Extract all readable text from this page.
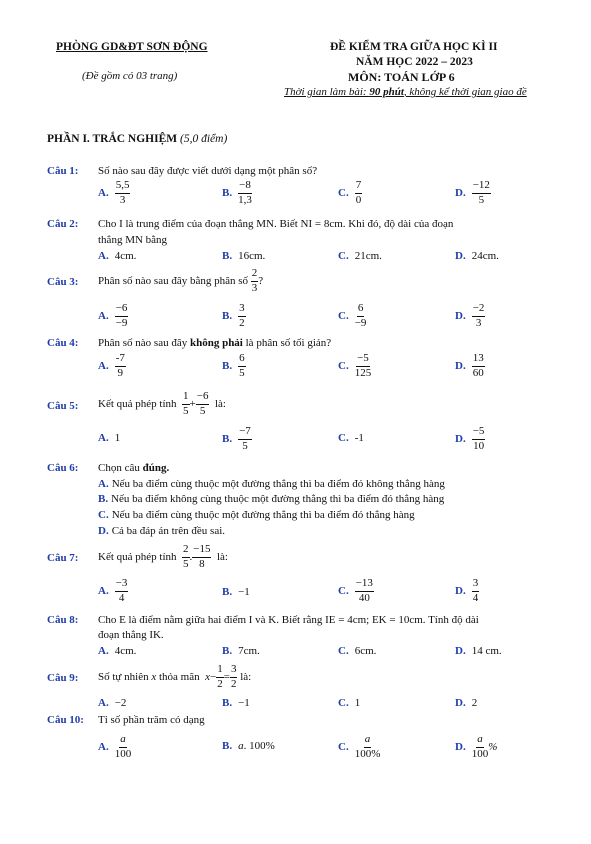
PHÒNG GD&ĐT SƠN ĐỘNG
(Đề gồm có 03 trang)
ĐỀ KIỂM TRA GIỮA HỌC KÌ II
NĂM HỌC 2022 – 2023
MÔN: TOÁN LỚP 6
Thời gian làm bài: 90 phút, không kể thời gian giao đề
PHẦN I. TRẮC NGHIỆM (5,0 điểm)
Câu 1: Số nào sau đây được viết dưới dạng một phân số?
A. $\frac{5,5}{3}$	B. $\frac{-8}{1,3}$	C. $\frac{7}{0}$	D. $\frac{-12}{5}$
Câu 2: Cho I là trung điểm của đoạn thẳng MN. Biết NI = 8cm. Khi đó, độ dài của đoạn
thẳng MN bằng
A. 4cm.	B. 16cm.	C. 21cm.	D. 24cm.
Câu 3: Phân số nào sau đây bằng phân số
$\frac{2}{3}$ ?
A. $\frac{-6}{-9}$	B. $\frac{3}{2}$	C. $\frac{6}{-9}$	D. $\frac{-2}{3}$
Câu 4: Phân số nào sau đây không phải là phân số tối giản?
A. $\frac{-7}{9}$	B. $\frac{6}{5}$	C. $\frac{-5}{125}$	D. $\frac{13}{60}$
Câu 5: Kết quả phép tính
$\frac{1}{5} + \frac{-6}{5}$
là:
A. 1	B. $\frac{-7}{5}$	C. -1	D. $\frac{-5}{10}$
Câu 6: Chọn câu đúng.
A. Nếu ba điểm cùng thuộc một đường thẳng thì ba điểm đó không thẳng hàng
B. Nếu ba điểm không cùng thuộc một đường thẳng thì ba điểm đó thẳng hàng
C. Nếu ba điểm cùng thuộc một đường thẳng thì ba điểm đó thẳng hàng
D. Cả ba đáp án trên đều sai.
Câu 7: Kết quả phép tính
$\frac{2}{5}$ . $\frac{-15}{8}$
là:
A. $\frac{-3}{4}$	B. −1	C. $\frac{-13}{40}$	D. $\frac{3}{4}$
Câu 8: Cho E là điểm nằm giữa hai điểm I và K. Biết rằng IE = 4cm; EK = 10cm. Tính độ dài
đoạn thẳng IK.
A. 4cm.	B. 7cm.	C. 6cm.	D. 14 cm.
Câu 9: Số tự nhiên
x
thỏa mãn
$x - \frac{1}{2} = \frac{3}{2}$
là:
A. −2	B. −1	C. 1	D. 2
Câu 10: Tỉ số phần trăm có dạng
A. $\frac{a}{100}$	B. a . 100%	C. $\frac{a}{100\%}$	D. $\frac{a}{100}$ %
